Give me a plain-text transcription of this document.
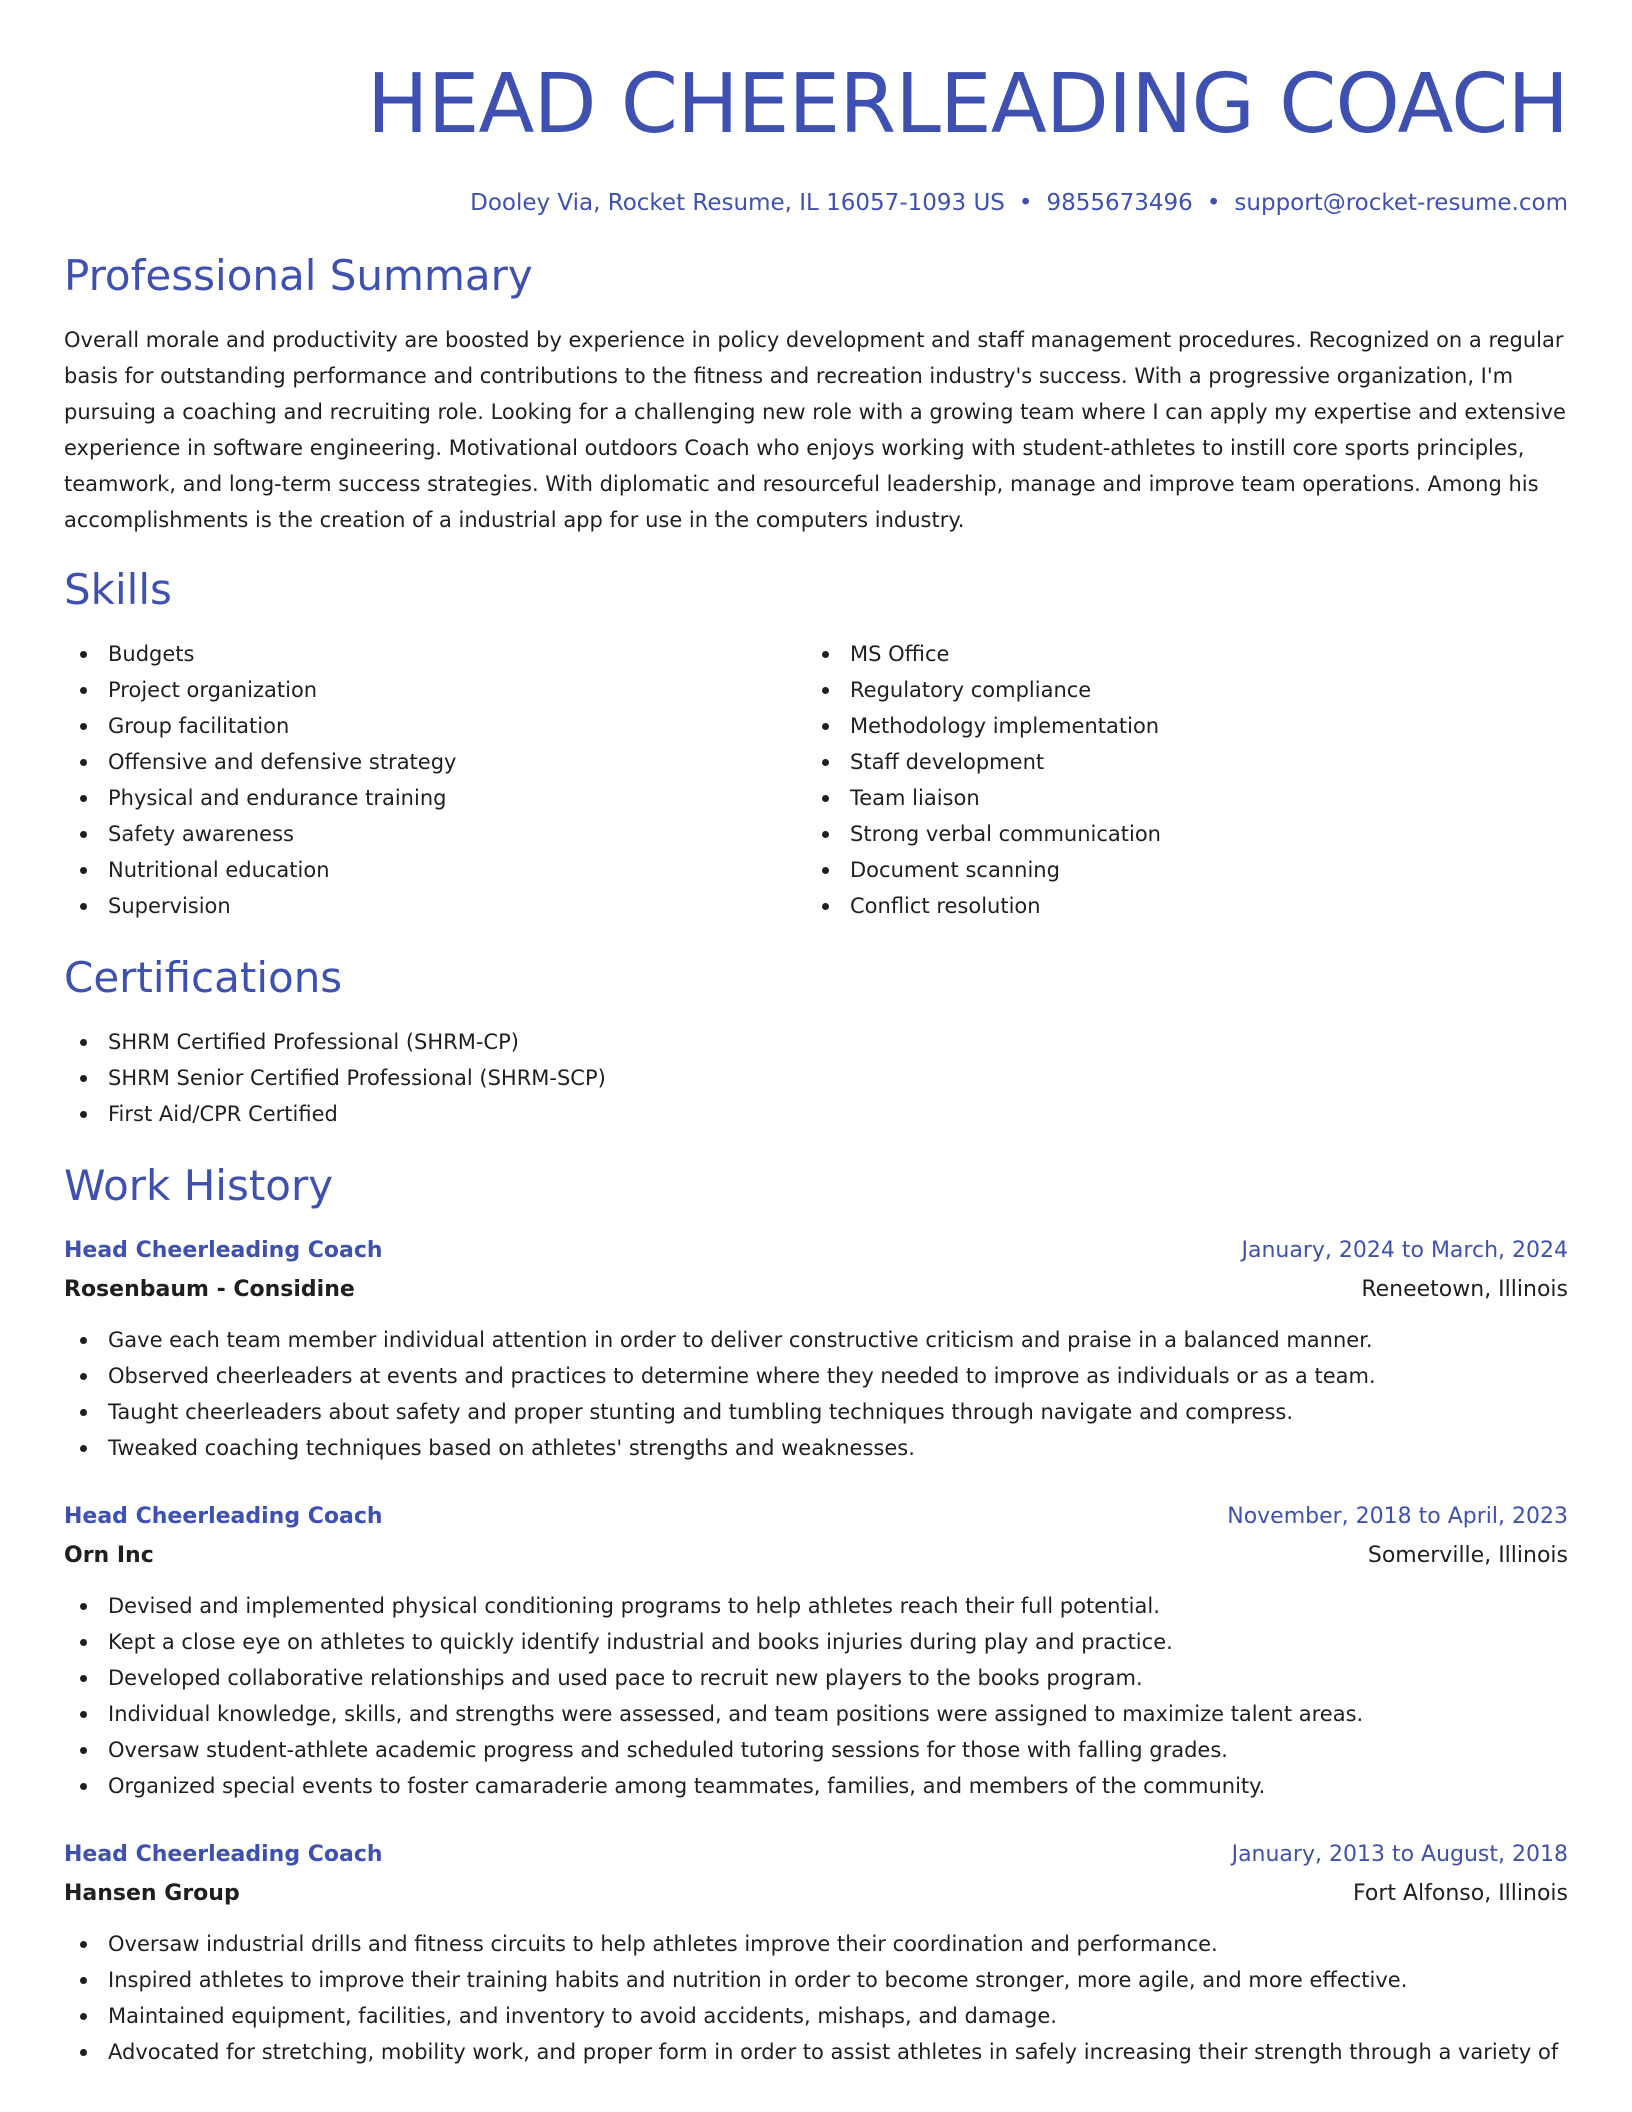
HEAD CHEERLEADING COACH
Dooley Via, Rocket Resume, IL 16057-1093 US • 9855673496 • support@rocket-resume.com
Professional Summary

Overall morale and productivity are boosted by experience in policy development and staff management procedures. Recognized on a regular basis for outstanding performance and contributions to the fitness and recreation industry's success. With a progressive organization, I'm pursuing a coaching and recruiting role. Looking for a challenging new role with a growing team where I can apply my expertise and extensive experience in software engineering. Motivational outdoors Coach who enjoys working with student-athletes to instill core sports principles, teamwork, and long-term success strategies. With diplomatic and resourceful leadership, manage and improve team operations. Among his accomplishments is the creation of a industrial app for use in the computers industry.

Skills
Budgets
Project organization
Group facilitation
Offensive and defensive strategy
Physical and endurance training
Safety awareness
Nutritional education
Supervision
MS Office
Regulatory compliance
Methodology implementation
Staff development
Team liaison
Strong verbal communication
Document scanning
Conflict resolution
Certifications
SHRM Certified Professional (SHRM-CP)
SHRM Senior Certified Professional (SHRM-SCP)
First Aid/CPR Certified
Work History
Head Cheerleading Coach	January, 2024 to March, 2024
Rosenbaum - Considine	Reneetown, Illinois
Gave each team member individual attention in order to deliver constructive criticism and praise in a balanced manner.
Observed cheerleaders at events and practices to determine where they needed to improve as individuals or as a team.
Taught cheerleaders about safety and proper stunting and tumbling techniques through navigate and compress.
Tweaked coaching techniques based on athletes' strengths and weaknesses.
Head Cheerleading Coach	November, 2018 to April, 2023
Orn Inc	Somerville, Illinois
Devised and implemented physical conditioning programs to help athletes reach their full potential.
Kept a close eye on athletes to quickly identify industrial and books injuries during play and practice.
Developed collaborative relationships and used pace to recruit new players to the books program.
Individual knowledge, skills, and strengths were assessed, and team positions were assigned to maximize talent areas.
Oversaw student-athlete academic progress and scheduled tutoring sessions for those with falling grades.
Organized special events to foster camaraderie among teammates, families, and members of the community.
Head Cheerleading Coach	January, 2013 to August, 2018
Hansen Group	Fort Alfonso, Illinois
Oversaw industrial drills and fitness circuits to help athletes improve their coordination and performance.
Inspired athletes to improve their training habits and nutrition in order to become stronger, more agile, and more effective.
Maintained equipment, facilities, and inventory to avoid accidents, mishaps, and damage.
Advocated for stretching, mobility work, and proper form in order to assist athletes in safely increasing their strength through a variety of
